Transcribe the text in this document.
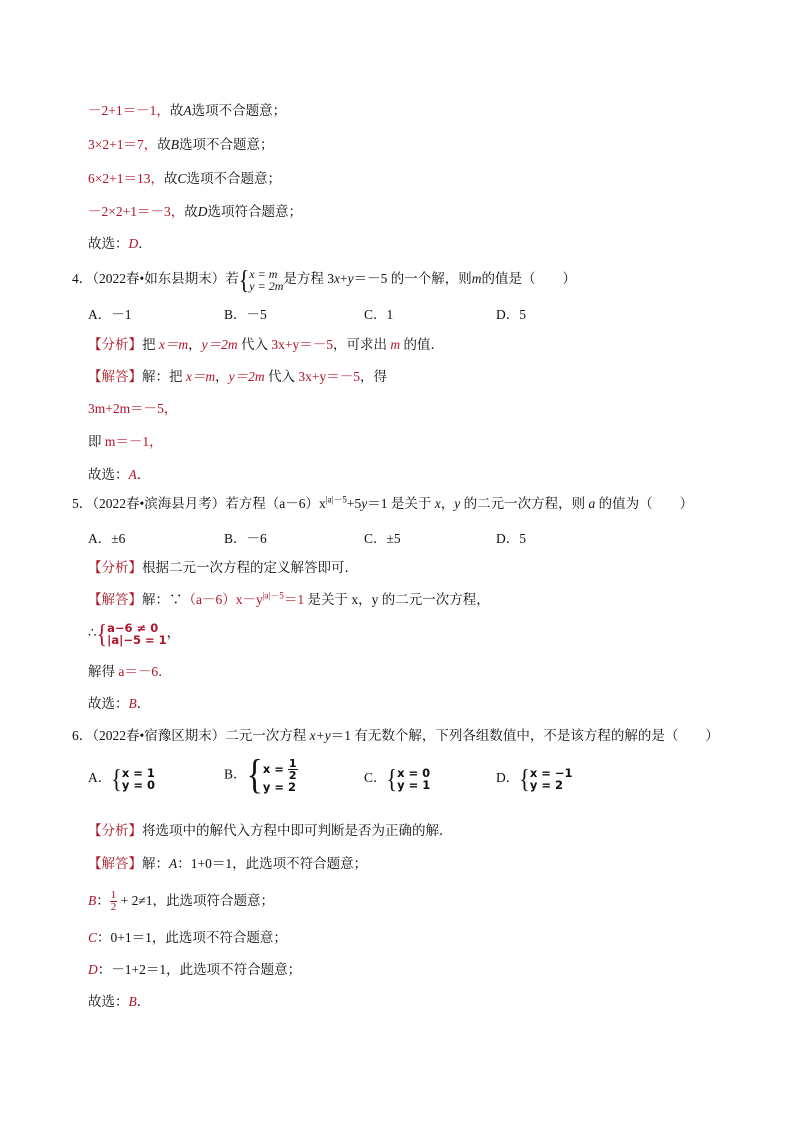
－2+1＝－1，故A选项不合题意；
3×2+1＝7，故B选项不合题意；
6×2+1＝13，故C选项不合题意；
－2×2+1＝－3，故D选项符合题意；
故选：D．
4．（2022春•如东县期末）若 { x = m
y = 2m 是方程 3x+y＝－5 的一个解，则m的值是（　　）
A．－1	B．－5	C．1	D．5
【分析】把 x＝m，y＝2m 代入 3x+y＝－5，可求出 m 的值．
【解答】解：把 x＝m，y＝2m 代入 3x+y＝－5，得
3m+2m＝－5，
即 m＝－1，
故选：A．
5．（2022春•滨海县月考）若方程$(a-6)x^{|a|-5}+5y=1$ 是关于 x，y 的二元一次方程，则 a 的值为（　　）
A．±6	B．－6	C．±5	D．5
【分析】根据二元一次方程的定义解答即可．
【解答】解：$\because(a-6)x-y^{|a|-5}=1$ 是关于 x，y 的二元一次方程，
∴ { a−6 ≠ 0
|a|−5 = 1 ，
解得 a＝－6．
故选：B．
6．（2022春•宿豫区期末）二元一次方程 x+y＝1 有无数个解，下列各组数值中，不是该方程的解的是（　　）
A． { x = 1
y = 0
B． { $x = \frac{1}{2}$
y = 2
C． { x = 0
y = 1	D． { x = −1
y = 2
【分析】将选项中的解代入方程中即可判断是否为正确的解．
【解答】解：A：1+0＝1，此选项不符合题意；
B： $\frac{1}{2} + 2\ne 1$，此选项符合题意；
C：0+1＝1，此选项不符合题意；
D：－1+2＝1，此选项不符合题意；
故选：B．
